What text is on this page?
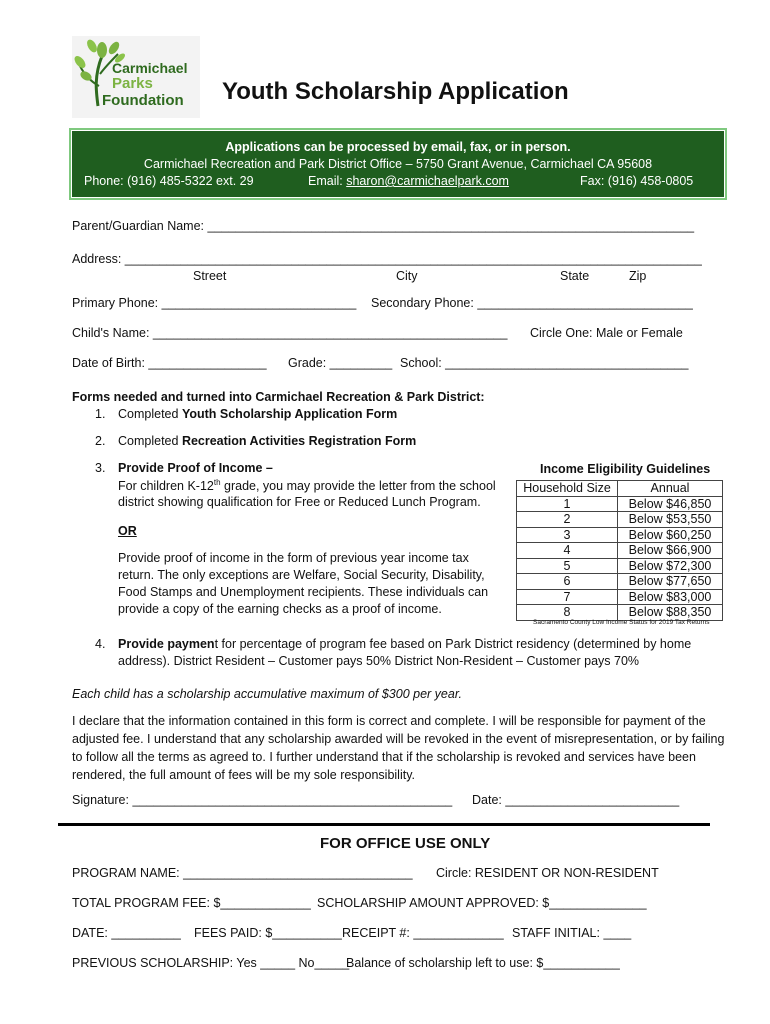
Carmichael
Parks
Foundation Youth Scholarship Application
Applications can be processed by email, fax, or in person.
Carmichael Recreation and Park District Office – 5750 Grant Avenue, Carmichael CA 95608
Phone: (916) 485-5322 ext. 29	Email: sharon@carmichaelpark.com	Fax: (916) 458-0805
Parent/Guardian Name: ______________________________________________________________________
Address: ___________________________________________________________________________________
Street	City	State	Zip
Primary Phone: ____________________________ Secondary Phone: _______________________________
Child's Name: ___________________________________________________ Circle One: Male or Female
Date of Birth: _________________ Grade: _________ School: ___________________________________
Forms needed and turned into Carmichael Recreation & Park District:
1. Completed Youth Scholarship Application Form
2. Completed Recreation Activities Registration Form
3. Provide Proof of Income –
For children K-12th grade, you may provide the letter from the school
district showing qualification for Free or Reduced Lunch Program.
OR
Provide proof of income in the form of previous year income tax
return. The only exceptions are Welfare, Social Security, Disability,
Food Stamps and Unemployment recipients. These individuals can
provide a copy of the earning checks as a proof of income.
Income Eligibility Guidelines
Household Size	Annual
1	Below $46,850
2	Below $53,550
3	Below $60,250
4	Below $66,900
5	Below $72,300
6	Below $77,650
7	Below $83,000
8	Below $88,350
Sacramento County Low Income Status for 2019 Tax Returns
4. Provide payment for percentage of program fee based on Park District residency (determined by home
address). District Resident – Customer pays 50% District Non-Resident – Customer pays 70%
Each child has a scholarship accumulative maximum of $300 per year.
I declare that the information contained in this form is correct and complete. I will be responsible for payment of the adjusted fee. I understand that any scholarship awarded will be revoked in the event of misrepresentation, or by failing to follow all the terms as agreed to. I further understand that if the scholarship is revoked and services have been rendered, the full amount of fees will be my sole responsibility.
Signature: ______________________________________________ Date: _________________________
FOR OFFICE USE ONLY
PROGRAM NAME: _________________________________ Circle: RESIDENT OR NON-RESIDENT
TOTAL PROGRAM FEE: $_____________ SCHOLARSHIP AMOUNT APPROVED: $______________
DATE: __________ FEES PAID: $__________ RECEIPT #: _____________ STAFF INITIAL: ____
PREVIOUS SCHOLARSHIP: Yes _____ No_____
Balance of scholarship left to use: $___________
